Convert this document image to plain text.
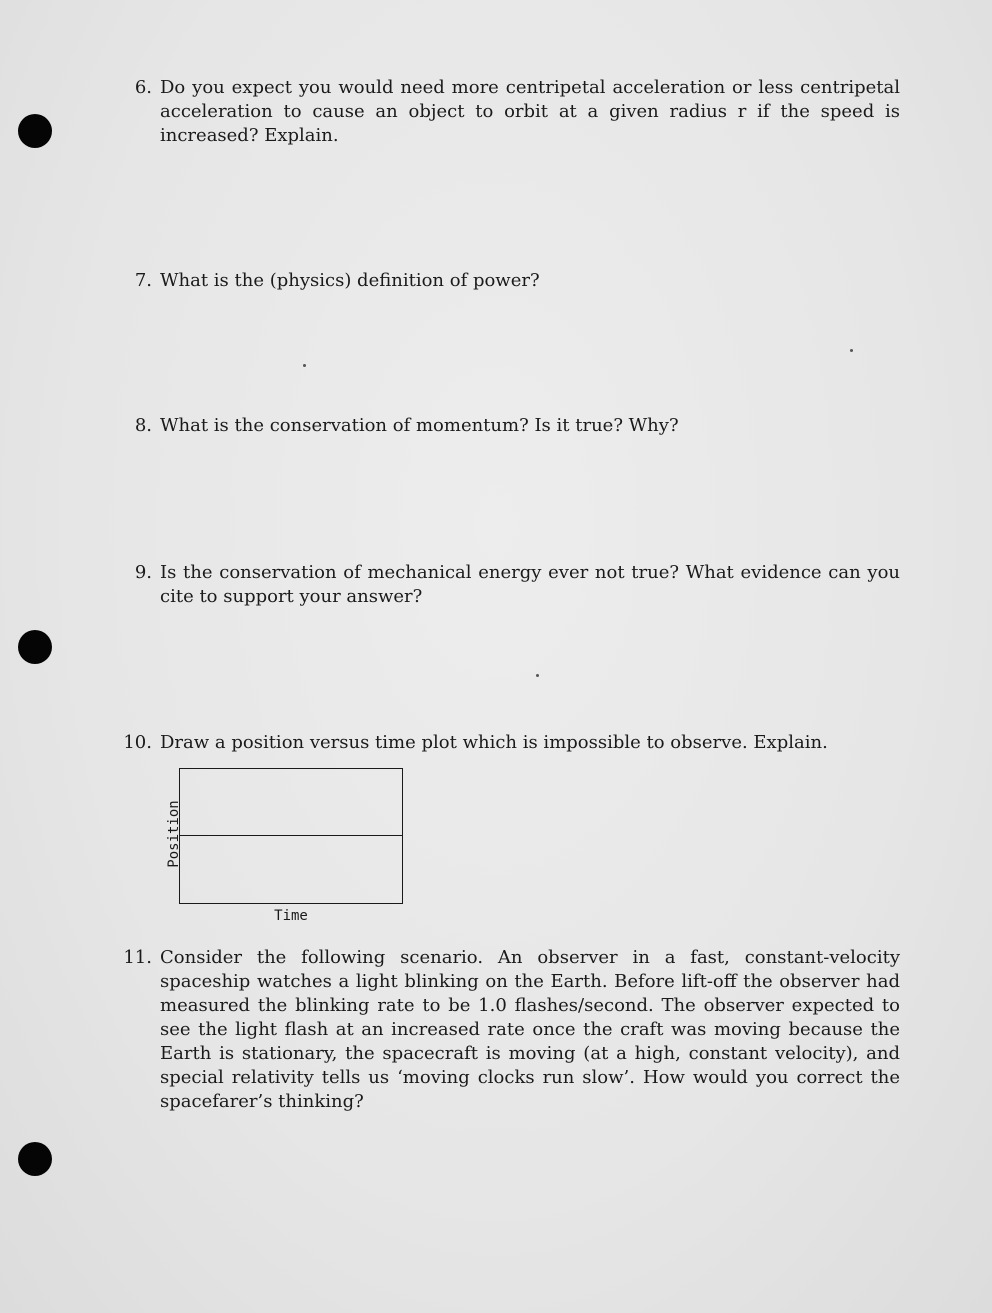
6. Do you expect you would need more centripetal acceleration or less centripetal acceleration to cause an object to orbit at a given radius r if the speed is increased? Explain.
7. What is the (physics) definition of power?
8. What is the conservation of momentum? Is it true? Why?
9. Is the conservation of mechanical energy ever not true? What evidence can you cite to support your answer?
10. Draw a position versus time plot which is impossible to observe. Explain.
Position
Time
11. Consider the following scenario. An observer in a fast, constant-velocity spaceship watches a light blinking on the Earth. Before lift-off the observer had measured the blinking rate to be 1.0 flashes/second. The observer expected to see the light flash at an increased rate once the craft was moving because the Earth is stationary, the spacecraft is moving (at a high, constant velocity), and special relativity tells us ‘moving clocks run slow’. How would you correct the spacefarer’s thinking?
